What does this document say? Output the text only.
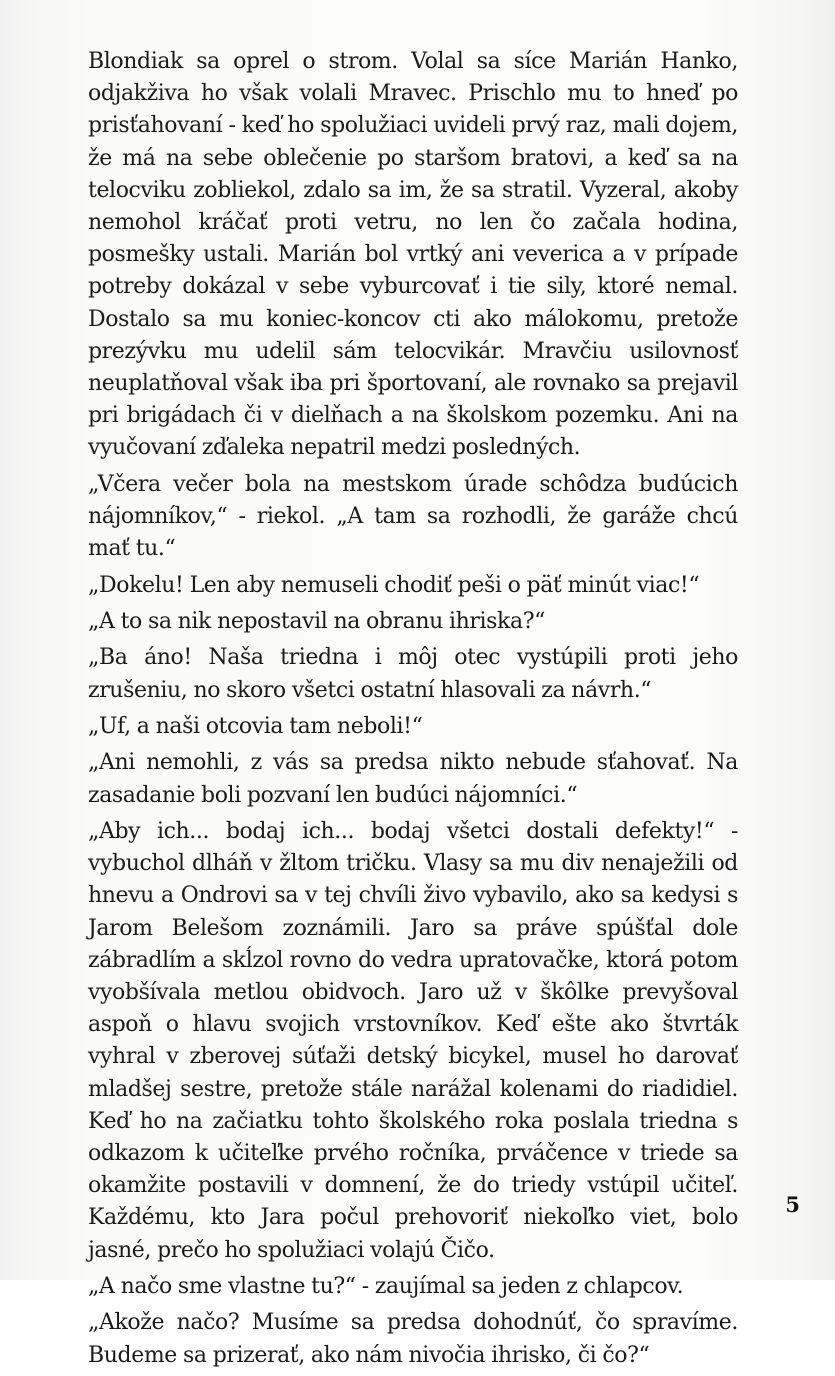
Blondiak sa oprel o strom. Volal sa síce Marián Hanko, odjakživa ho však volali Mravec. Prischlo mu to hneď po prisťahovaní - keď ho spolužiaci uvideli prvý raz, mali dojem, že má na sebe oblečenie po staršom bratovi, a keď sa na telocviku zobliekol, zdalo sa im, že sa stratil. Vyzeral, akoby nemohol kráčať proti vetru, no len čo začala hodina, posmešky ustali. Marián bol vrtký ani veverica a v prípade potreby dokázal v sebe vyburcovať i tie sily, ktoré nemal. Dostalo sa mu koniec-koncov cti ako málokomu, pretože prezývku mu udelil sám telocvikár. Mravčiu usilovnosť neuplatňoval však iba pri športovaní, ale rovnako sa prejavil pri brigádach či v dielňach a na školskom pozemku. Ani na vyučovaní zďaleka nepatril medzi posledných.

„Včera večer bola na mestskom úrade schôdza budúcich nájomníkov,“ - riekol. „A tam sa rozhodli, že garáže chcú mať tu.“

„Dokelu! Len aby nemuseli chodiť peši o päť minút viac!“

„A to sa nik nepostavil na obranu ihriska?“

„Ba áno! Naša triedna i môj otec vystúpili proti jeho zrušeniu, no skoro všetci ostatní hlasovali za návrh.“

„Uf, a naši otcovia tam neboli!“

„Ani nemohli, z vás sa predsa nikto nebude sťahovať. Na zasadanie boli pozvaní len budúci nájomníci.“

„Aby ich... bodaj ich... bodaj všetci dostali defekty!“ - vybuchol dlháň v žltom tričku. Vlasy sa mu div nenaježili od hnevu a Ondrovi sa v tej chvíli živo vybavilo, ako sa kedysi s Jarom Belešom zoznámili. Jaro sa práve spúšťal dole zábradlím a skĺzol rovno do vedra upratovačke, ktorá potom vyobšívala metlou obidvoch. Jaro už v škôlke prevyšoval aspoň o hlavu svojich vrstovníkov. Keď ešte ako štvrták vyhral v zberovej súťaži detský bicykel, musel ho darovať mladšej sestre, pretože stále narážal kolenami do riadidiel. Keď ho na začiatku tohto školského roka poslala triedna s odkazom k učiteľke prvého ročníka, prváčence v triede sa okamžite postavili v domnení, že do triedy vstúpil učiteľ. Každému, kto Jara počul prehovoriť niekoľko viet, bolo jasné, prečo ho spolužiaci volajú Čičo.

„A načo sme vlastne tu?“ - zaujímal sa jeden z chlapcov.

„Akože načo? Musíme sa predsa dohodnúť, čo spravíme. Budeme sa prizerať, ako nám nivočia ihrisko, či čo?“

5
